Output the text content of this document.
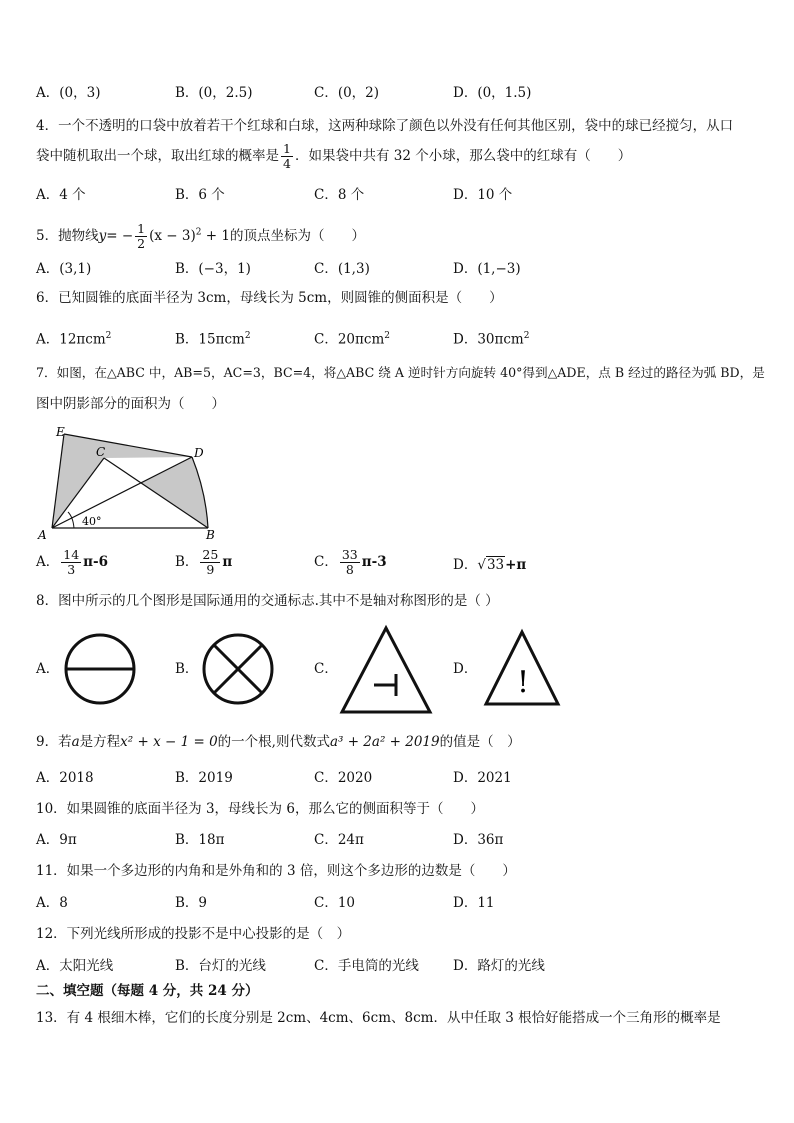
A．(0，3)	B．(0，2.5)	C．(0，2)	D．(0，1.5)
4．一个不透明的口袋中放着若干个红球和白球，这两种球除了颜色以外没有任何其他区别，袋中的球已经搅匀，从口
袋中随机取出一个球，取出红球的概率是 $\frac{1}{4}$ ．如果袋中共有 32 个小球，那么袋中的红球有（　　）
A．4 个	B．6 个	C．8 个	D．10 个
5．抛物线$y= - \frac{1}{2} (x - 3)^2 + 1$的顶点坐标为（　　）
A．(3,1)	B．(−3，1)	C．(1,3)	D．(1,−3)
6．已知圆锥的底面半径为 3cm，母线长为 5cm，则圆锥的侧面积是（　　）
A．12πcm$^2$	B．15πcm$^2$	C．20πcm$^2$	D．30πcm$^2$
7．如图，在△ABC 中，AB=5，AC=3，BC=4，将△ABC 绕 A 逆时针方向旋转 40°得到△ADE，点 B 经过的路径为弧 BD，是
图中阴影部分的面积为（　　）
E
C	D
A	B
40°
A． $\frac{14}{3} \pi-6$	B． $\frac{25}{9}$ π	C． $\frac{33}{8} \pi-3$	D．√33+π
8．图中所示的几个图形是国际通用的交通标志.其中不是轴对称图形的是（ ）
A．	B．	C．	D． !
9．若a是方程x² + x − 1 = 0的一个根,则代数式a³ + 2a² + 2019的值是（　）
A．2018	B．2019	C．2020	D．2021
10．如果圆锥的底面半径为 3，母线长为 6，那么它的侧面积等于（　　）
A．9π	B．18π	C．24π	D．36π
11．如果一个多边形的内角和是外角和的 3 倍，则这个多边形的边数是（　　）
A．8	B．9	C．10	D．11
12．下列光线所形成的投影不是中心投影的是（　）
A．太阳光线	B．台灯的光线	C．手电筒的光线	D．路灯的光线
二、填空题（每题 4 分，共 24 分）
13．有 4 根细木棒，它们的长度分别是 2cm、4cm、6cm、8cm．从中任取 3 根恰好能搭成一个三角形的概率是
